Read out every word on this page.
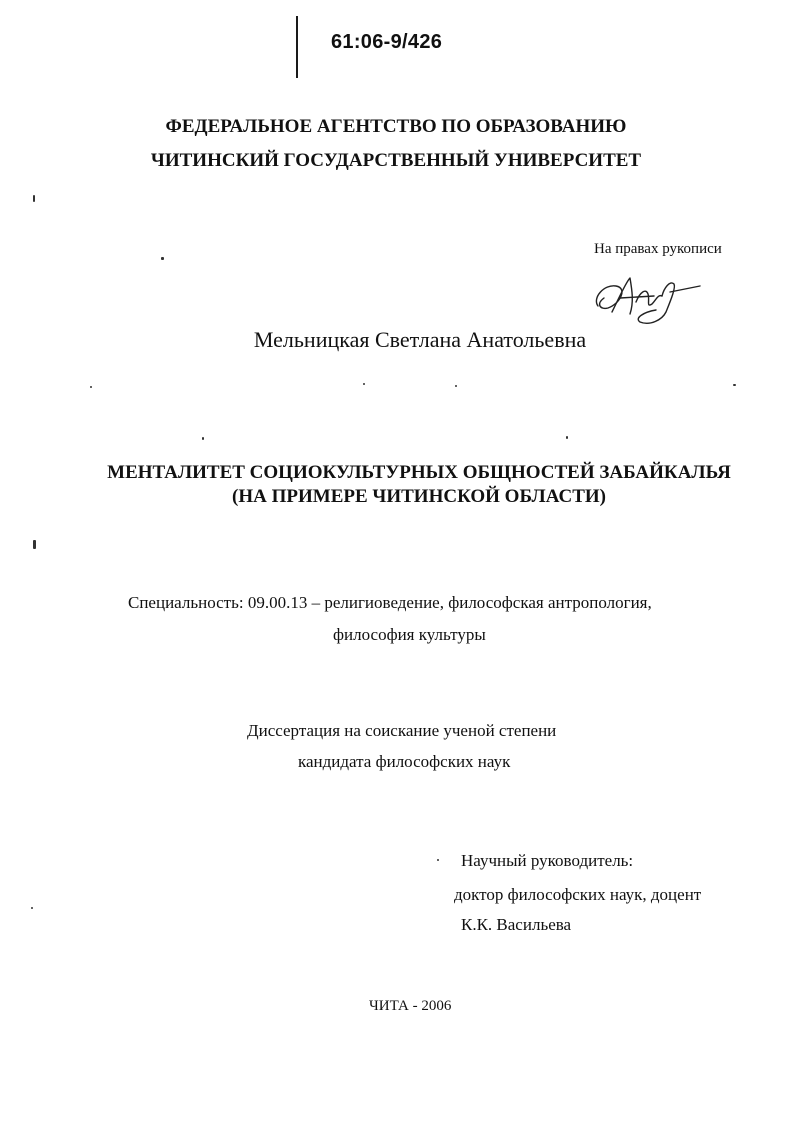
61:06-9/426
ФЕДЕРАЛЬНОЕ АГЕНТСТВО ПО ОБРАЗОВАНИЮ
ЧИТИНСКИЙ ГОСУДАРСТВЕННЫЙ УНИВЕРСИТЕТ
На правах рукописи
Мельницкая Светлана Анатольевна
МЕНТАЛИТЕТ СОЦИОКУЛЬТУРНЫХ ОБЩНОСТЕЙ ЗАБАЙКАЛЬЯ
(НА ПРИМЕРЕ ЧИТИНСКОЙ ОБЛАСТИ)
Специальность: 09.00.13 – религиоведение, философская антропология,
философия культуры
Диссертация на соискание ученой степени
кандидата философских наук
Научный руководитель:
доктор философских наук, доцент
К.К. Васильева
ЧИТА - 2006
